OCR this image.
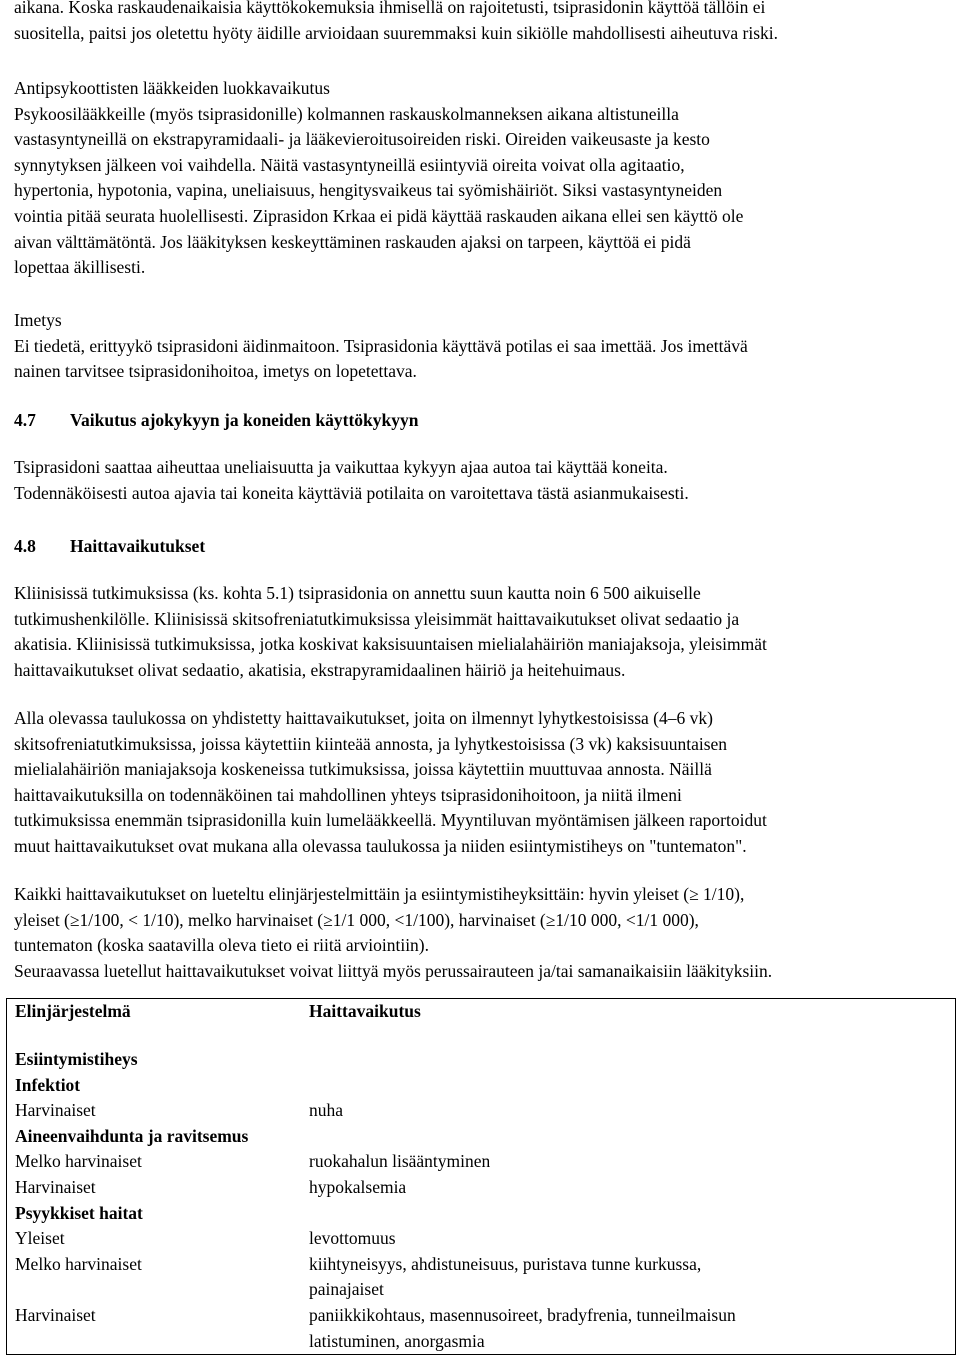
aikana. Koska raskaudenaikaisia käyttökokemuksia ihmisellä on rajoitetusti, tsiprasidonin käyttöä tällöin ei
suositella, paitsi jos oletettu hyöty äidille arvioidaan suuremmaksi kuin sikiölle mahdollisesti aiheutuva riski.
Antipsykoottisten lääkkeiden luokkavaikutus
Psykoosilääkkeille (myös tsiprasidonille) kolmannen raskauskolmanneksen aikana altistuneilla
vastasyntyneillä on ekstrapyramidaali- ja lääkevieroitusoireiden riski. Oireiden vaikeusaste ja kesto
synnytyksen jälkeen voi vaihdella. Näitä vastasyntyneillä esiintyviä oireita voivat olla agitaatio,
hypertonia, hypotonia, vapina, uneliaisuus, hengitysvaikeus tai syömishäiriöt. Siksi vastasyntyneiden
vointia pitää seurata huolellisesti. Ziprasidon Krkaa ei pidä käyttää raskauden aikana ellei sen käyttö ole
aivan välttämätöntä. Jos lääkityksen keskeyttäminen raskauden ajaksi on tarpeen, käyttöä ei pidä
lopettaa äkillisesti.
Imetys
Ei tiedetä, erittyykö tsiprasidoni äidinmaitoon. Tsiprasidonia käyttävä potilas ei saa imettää. Jos imettävä
nainen tarvitsee tsiprasidonihoitoa, imetys on lopetettava.
4.7 Vaikutus ajokykyyn ja koneiden käyttökykyyn
Tsiprasidoni saattaa aiheuttaa uneliaisuutta ja vaikuttaa kykyyn ajaa autoa tai käyttää koneita.
Todennäköisesti autoa ajavia tai koneita käyttäviä potilaita on varoitettava tästä asianmukaisesti.
4.8 Haittavaikutukset
Kliinisissä tutkimuksissa (ks. kohta 5.1) tsiprasidonia on annettu suun kautta noin 6 500 aikuiselle
tutkimushenkilölle. Kliinisissä skitsofreniatutkimuksissa yleisimmät haittavaikutukset olivat sedaatio ja
akatisia. Kliinisissä tutkimuksissa, jotka koskivat kaksisuuntaisen mielialahäiriön maniajaksoja, yleisimmät
haittavaikutukset olivat sedaatio, akatisia, ekstrapyramidaalinen häiriö ja heitehuimaus.
Alla olevassa taulukossa on yhdistetty haittavaikutukset, joita on ilmennyt lyhytkestoisissa (4–6 vk)
skitsofreniatutkimuksissa, joissa käytettiin kiinteää annosta, ja lyhytkestoisissa (3 vk) kaksisuuntaisen
mielialahäiriön maniajaksoja koskeneissa tutkimuksissa, joissa käytettiin muuttuvaa annosta. Näillä
haittavaikutuksilla on todennäköinen tai mahdollinen yhteys tsiprasidonihoitoon, ja niitä ilmeni
tutkimuksissa enemmän tsiprasidonilla kuin lumelääkkeellä. Myyntiluvan myöntämisen jälkeen raportoidut
muut haittavaikutukset ovat mukana alla olevassa taulukossa ja niiden esiintymistiheys on "tuntematon".
Kaikki haittavaikutukset on lueteltu elinjärjestelmittäin ja esiintymistiheyksittäin: hyvin yleiset (≥ 1/10),
yleiset (≥1/100, < 1/10), melko harvinaiset (≥1/1 000, <1/100), harvinaiset (≥1/10 000, <1/1 000),
tuntematon (koska saatavilla oleva tieto ei riitä arviointiin).
Seuraavassa luetellut haittavaikutukset voivat liittyä myös perussairauteen ja/tai samanaikaisiin lääkityksiin.
Elinjärjestelmä	Haittavaikutus
Esiintymistiheys	
Infektiot	
Harvinaiset	nuha
Aineenvaihdunta ja ravitsemus	
Melko harvinaiset	ruokahalun lisääntyminen
Harvinaiset	hypokalsemia
Psyykkiset haitat	
Yleiset	levottomuus
Melko harvinaiset	kiihtyneisyys, ahdistuneisuus, puristava tunne kurkussa,
painajaiset

Harvinaiset	paniikkikohtaus, masennusoireet, bradyfrenia, tunneilmaisun
latistuminen, anorgasmia
